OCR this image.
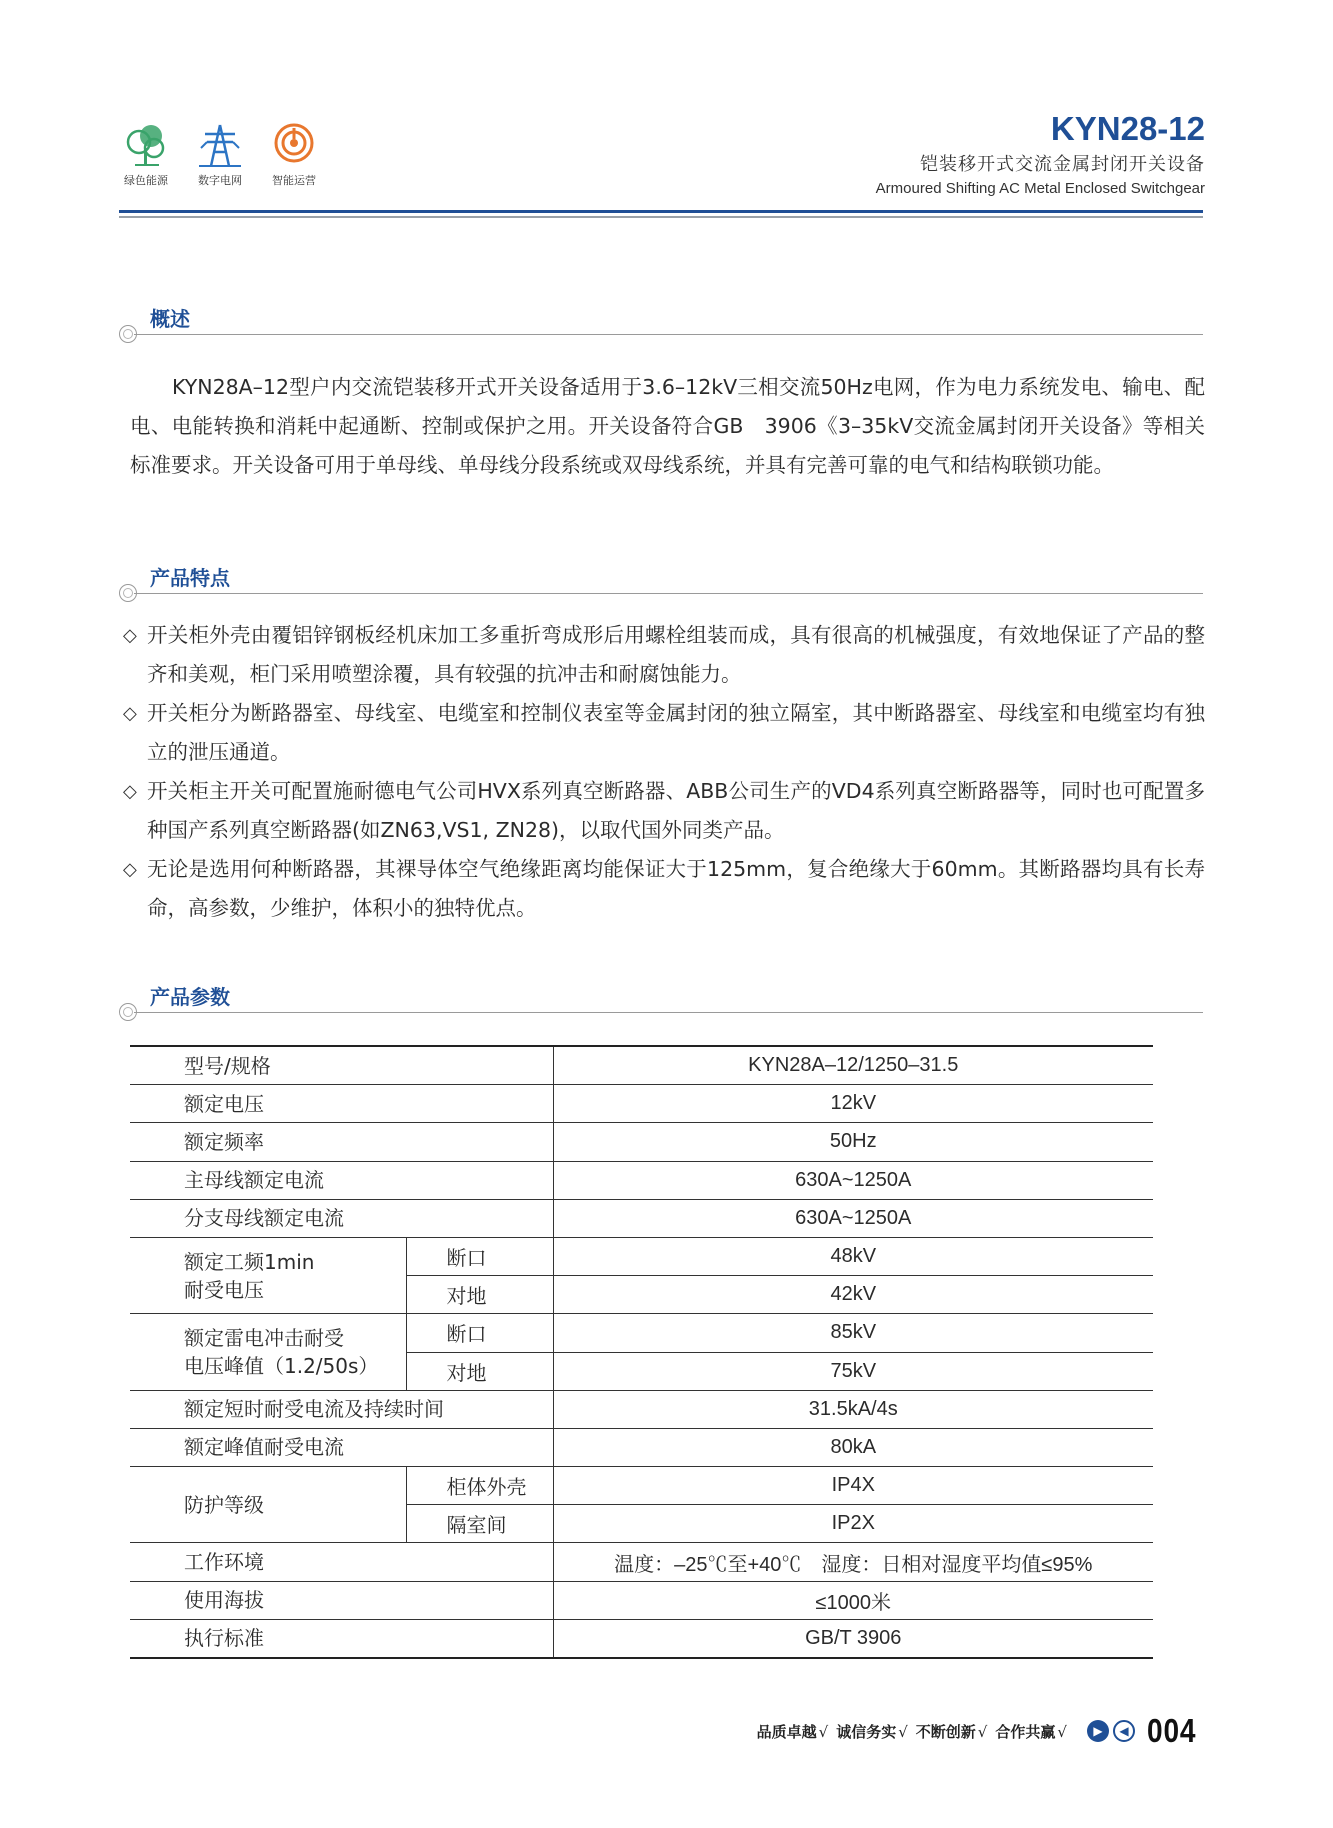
绿色能源	数字电网	智能运营
KYN28-12
铠装移开式交流金属封闭开关设备
Armoured Shifting AC Metal Enclosed Switchgear
概述
KYN28A–12型户内交流铠装移开式开关设备适用于3.6–12kV三相交流50Hz电网，作为电力系统发电、输电、配电、电能转换和消耗中起通断、控制或保护之用。开关设备符合GB　3906《3–35kV交流金属封闭开关设备》等相关标准要求。开关设备可用于单母线、单母线分段系统或双母线系统，并具有完善可靠的电气和结构联锁功能。
产品特点
◇ 开关柜外壳由覆铝锌钢板经机床加工多重折弯成形后用螺栓组装而成，具有很高的机械强度，有效地保证了产品的整齐和美观，柜门采用喷塑涂覆，具有较强的抗冲击和耐腐蚀能力。
◇ 开关柜分为断路器室、母线室、电缆室和控制仪表室等金属封闭的独立隔室，其中断路器室、母线室和电缆室均有独立的泄压通道。
◇ 开关柜主开关可配置施耐德电气公司HVX系列真空断路器、ABB公司生产的VD4系列真空断路器等，同时也可配置多种国产系列真空断路器(如ZN63,VS1, ZN28)，以取代国外同类产品。
◇ 无论是选用何种断路器，其裸导体空气绝缘距离均能保证大于125mm，复合绝缘大于60mm。其断路器均具有长寿命，高参数，少维护，体积小的独特优点。
产品参数
型号/规格		KYN28A–12/1250–31.5
额定电压		12kV
额定频率		50Hz
主母线额定电流		630A~1250A
分支母线额定电流		630A~1250A

额定工频1min
耐受电压	断口	48kV
	对地	42kV

额定雷电冲击耐受
电压峰值（1.2/50s）	断口	85kV
	对地	75kV
额定短时耐受电流及持续时间		31.5kA/4s
额定峰值耐受电流		80kA
防护等级	柜体外壳	IP4X
	隔室间	IP2X
工作环境		温度：–25℃至+40℃　湿度：日相对湿度平均值≤95%
使用海拔		≤1000米
执行标准		GB/T 3906
品质卓越 √ 诚信务实 √ 不断创新 √ 合作共赢 √	▶	◀ 004
